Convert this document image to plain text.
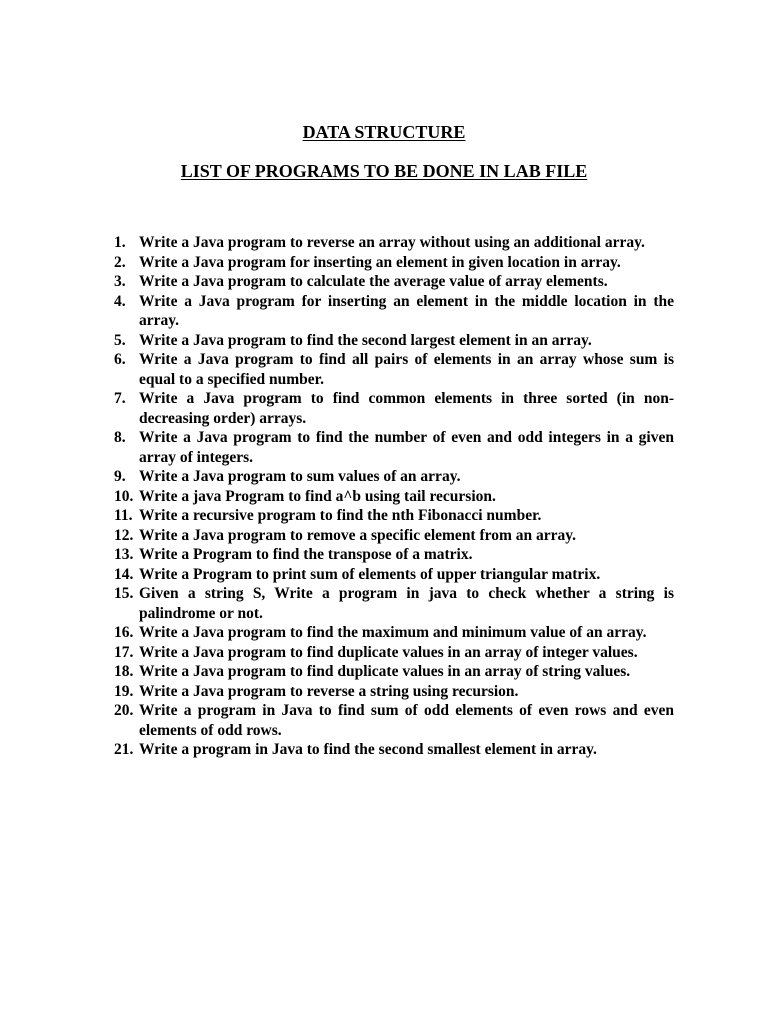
DATA STRUCTURE
LIST OF PROGRAMS TO BE DONE IN LAB FILE
1. Write a Java program to reverse an array without using an additional array.
2. Write a Java program for inserting an element in given location in array.
3. Write a Java program to calculate the average value of array elements.
4. Write a Java program for inserting an element in the middle location in the array.
5. Write a Java program to find the second largest element in an array.
6. Write a Java program to find all pairs of elements in an array whose sum is equal to a specified number.
7. Write a Java program to find common elements in three sorted (in non-decreasing order) arrays.
8. Write a Java program to find the number of even and odd integers in a given array of integers.
9. Write a Java program to sum values of an array.
10. Write a java Program to find a^b using tail recursion.
11. Write a recursive program to find the nth Fibonacci number.
12. Write a Java program to remove a specific element from an array.
13. Write a Program to find the transpose of a matrix.
14. Write a Program to print sum of elements of upper triangular matrix.
15. Given a string S, Write a program in java to check whether a string is palindrome or not.
16. Write a Java program to find the maximum and minimum value of an array.
17. Write a Java program to find duplicate values in an array of integer values.
18. Write a Java program to find duplicate values in an array of string values.
19. Write a Java program to reverse a string using recursion.
20. Write a program in Java to find sum of odd elements of even rows and even elements of odd rows.
21. Write a program in Java to find the second smallest element in array.
